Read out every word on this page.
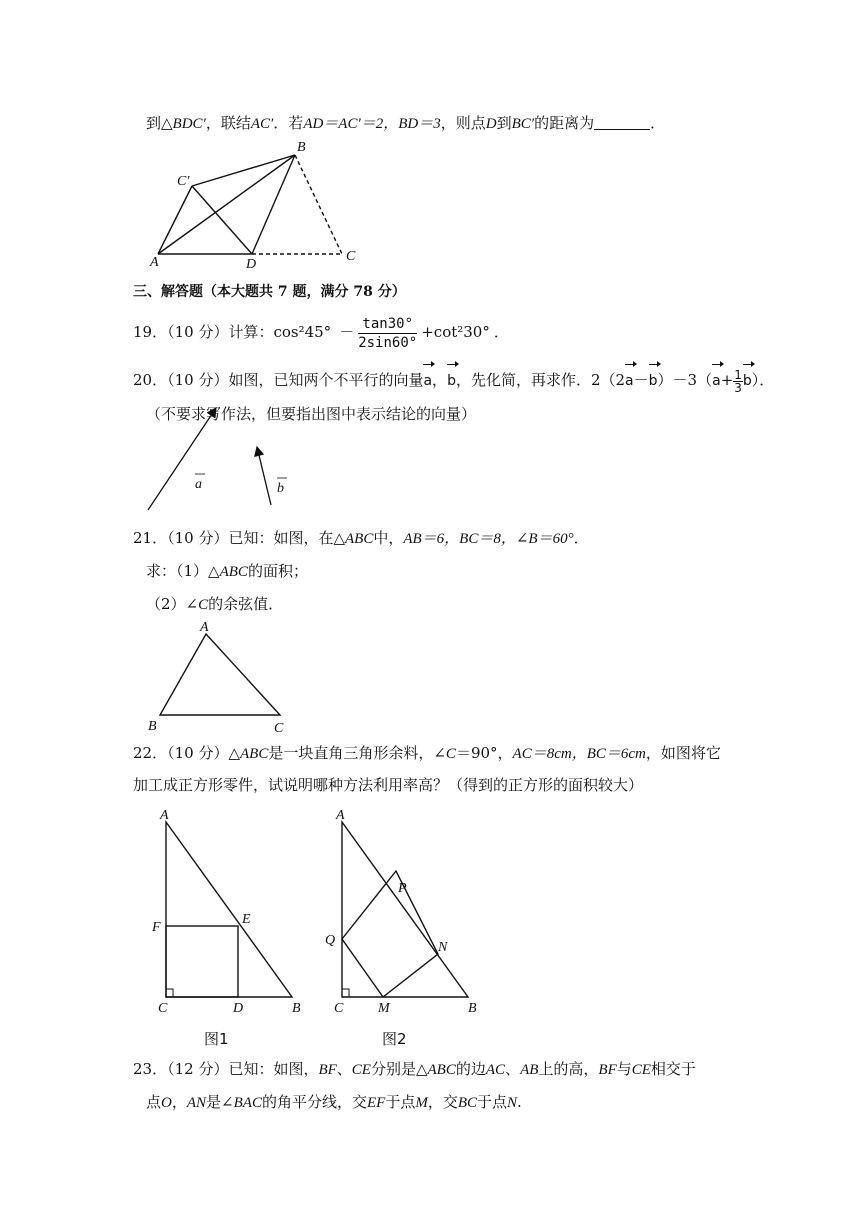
到△BDC′，联结AC′．若AD＝AC′＝2，BD＝3，则点D到BC′的距离为	．
B
C′
A	D
C
三、解答题（本大题共 7 题，满分 78 分）
19．（10 分）计算：$\cos^245^\circ - \frac{\tan 30^\circ}{2\sin 60^\circ} +\cot^230^\circ$ ．
20．（10 分）如图，已知两个不平行的向量a，b，先化简，再求作．$2(2a-b)-3(a+ \frac{1}{3} b)$．
（不要求写作法，但要指出图中表示结论的向量）
a	b
21．（10 分）已知：如图，在△ABC中，AB＝6，BC＝8，∠B＝60°．
求：（1）△ABC的面积；
（2）∠C的余弦值．
A
B	C
22．（10 分）△ABC是一块直角三角形余料，∠C＝90°，AC＝8cm，BC＝6cm，如图将它
加工成正方形零件，试说明哪种方法利用率高？（得到的正方形的面积较大）
A
F
E
C	D	B
图1
A
P
Q	N
C M	B
图2
23．（12 分）已知：如图，BF、CE分别是△ABC的边AC、AB上的高，BF与CE相交于
点O，AN是∠BAC的角平分线，交EF于点M，交BC于点N.
